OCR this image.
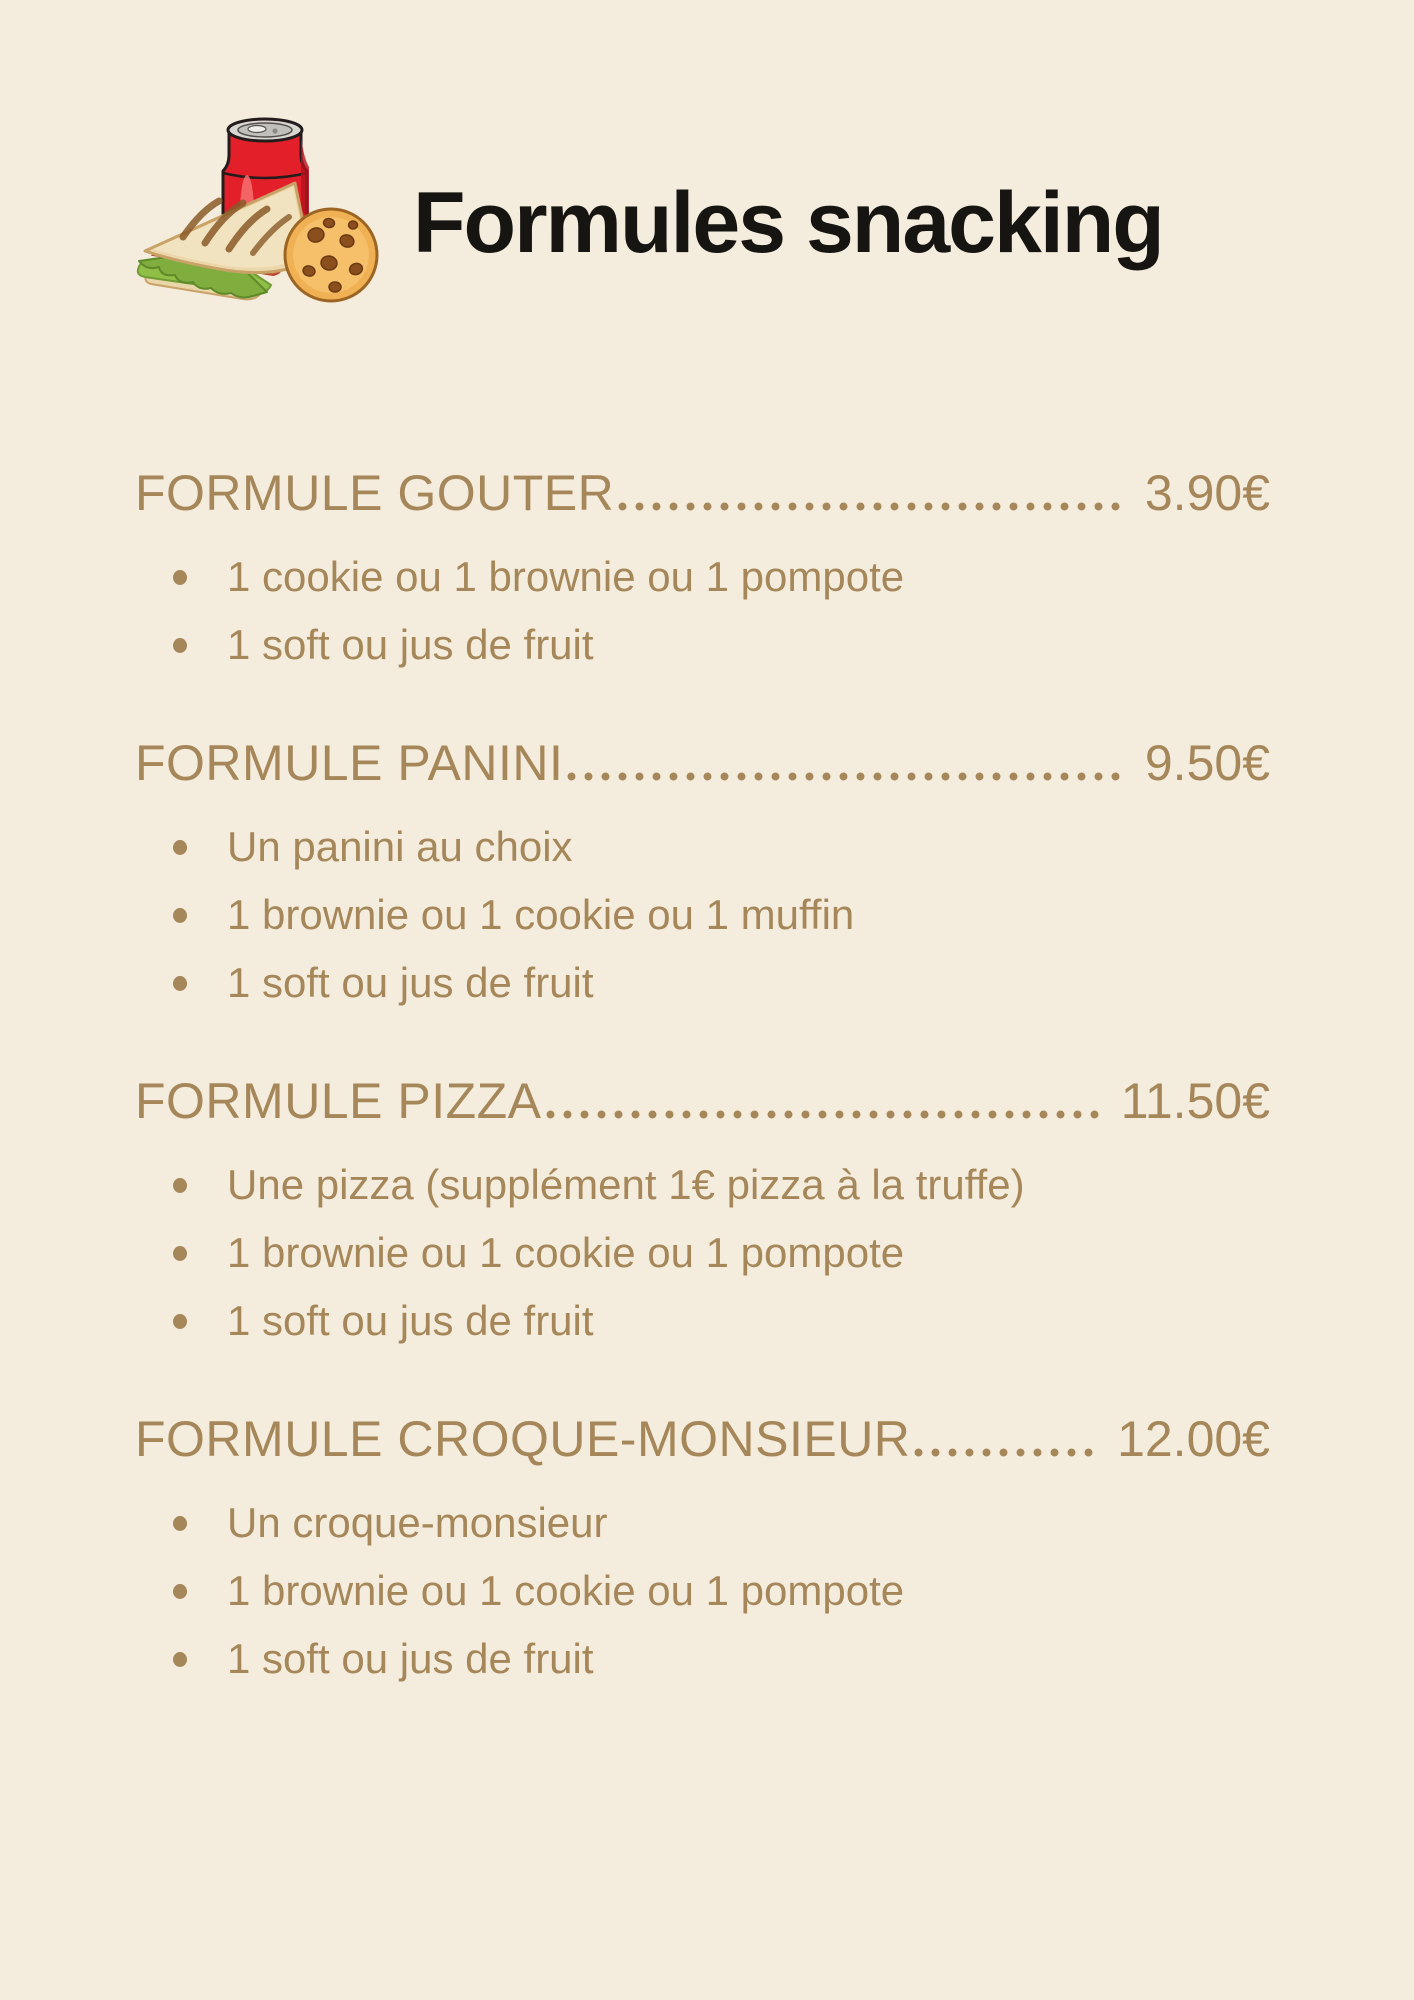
Formules snacking
FORMULE GOUTER	3.90€
1 cookie ou 1 brownie ou 1 pompote
1 soft ou jus de fruit
FORMULE PANINI	9.50€
Un panini au choix
1 brownie ou 1 cookie ou 1 muffin
1 soft ou jus de fruit
FORMULE PIZZA	11.50€
Une pizza (supplément 1€ pizza à la truffe)
1 brownie ou 1 cookie ou 1 pompote
1 soft ou jus de fruit
FORMULE CROQUE-MONSIEUR	12.00€
Un croque-monsieur
1 brownie ou 1 cookie ou 1 pompote
1 soft ou jus de fruit
